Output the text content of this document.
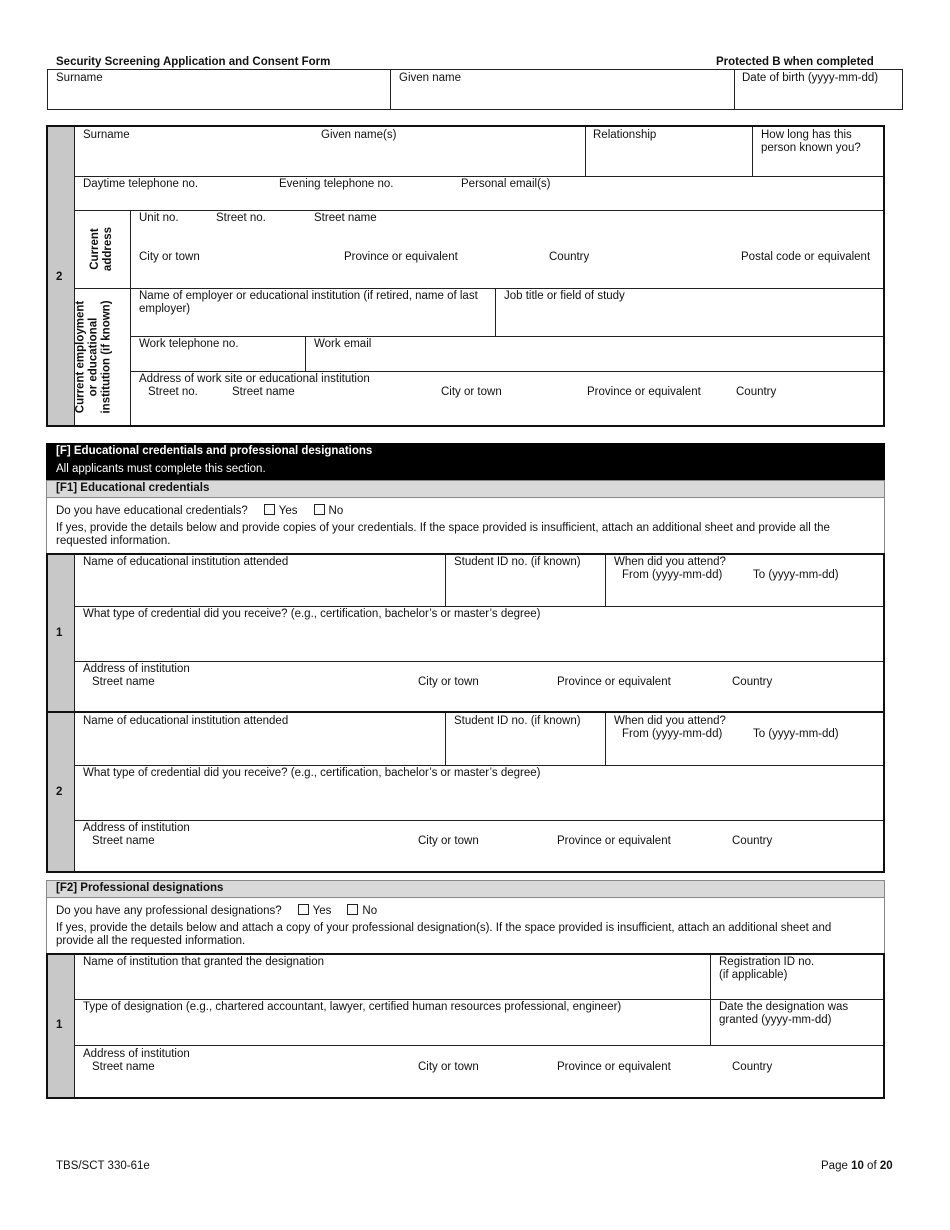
Security Screening Application and Consent Form	Protected B when completed
Surname	Given name	Date of birth (yyyy-mm-dd)
2
Surname	Given name(s)	Relationship	How long has this
person known you?
Daytime telephone no.	Evening telephone no.	Personal email(s)
Current address
Unit no.	Street no.	Street name
City or town	Province or equivalent	Country	Postal code or equivalent
Current employment or educational institution (if known)
Name of employer or educational institution (if retired, name of last
employer)
Job title or field of study
Work telephone no.	Work email
Address of work site or educational institution
Street no.	Street name	City or town	Province or equivalent	Country
[F] Educational credentials and professional designations
All applicants must complete this section.
[F1] Educational credentials
Do you have educational credentials?	Yes	No
If yes, provide the details below and provide copies of your credentials. If the space provided is insufficient, attach an additional sheet and provide all the
requested information.
1
Name of educational institution attended	Student ID no. (if known)	When did you attend?
From (yyyy-mm-dd)	To (yyyy-mm-dd)
What type of credential did you receive? (e.g., certification, bachelor’s or master’s degree)
Address of institution
Street name	City or town	Province or equivalent	Country
2
Name of educational institution attended	Student ID no. (if known)	When did you attend?
From (yyyy-mm-dd)	To (yyyy-mm-dd)
What type of credential did you receive? (e.g., certification, bachelor’s or master’s degree)
Address of institution
Street name	City or town	Province or equivalent	Country
[F2] Professional designations
Do you have any professional designations?	Yes	No
If yes, provide the details below and attach a copy of your professional designation(s). If the space provided is insufficient, attach an additional sheet and
provide all the requested information.
1
Name of institution that granted the designation	Registration ID no.
(if applicable)
Type of designation (e.g., chartered accountant, lawyer, certified human resources professional, engineer)	Date the designation was
granted (yyyy-mm-dd)
Address of institution
Street name	City or town	Province or equivalent	Country
TBS/SCT 330-61e	Page 10 of 20
